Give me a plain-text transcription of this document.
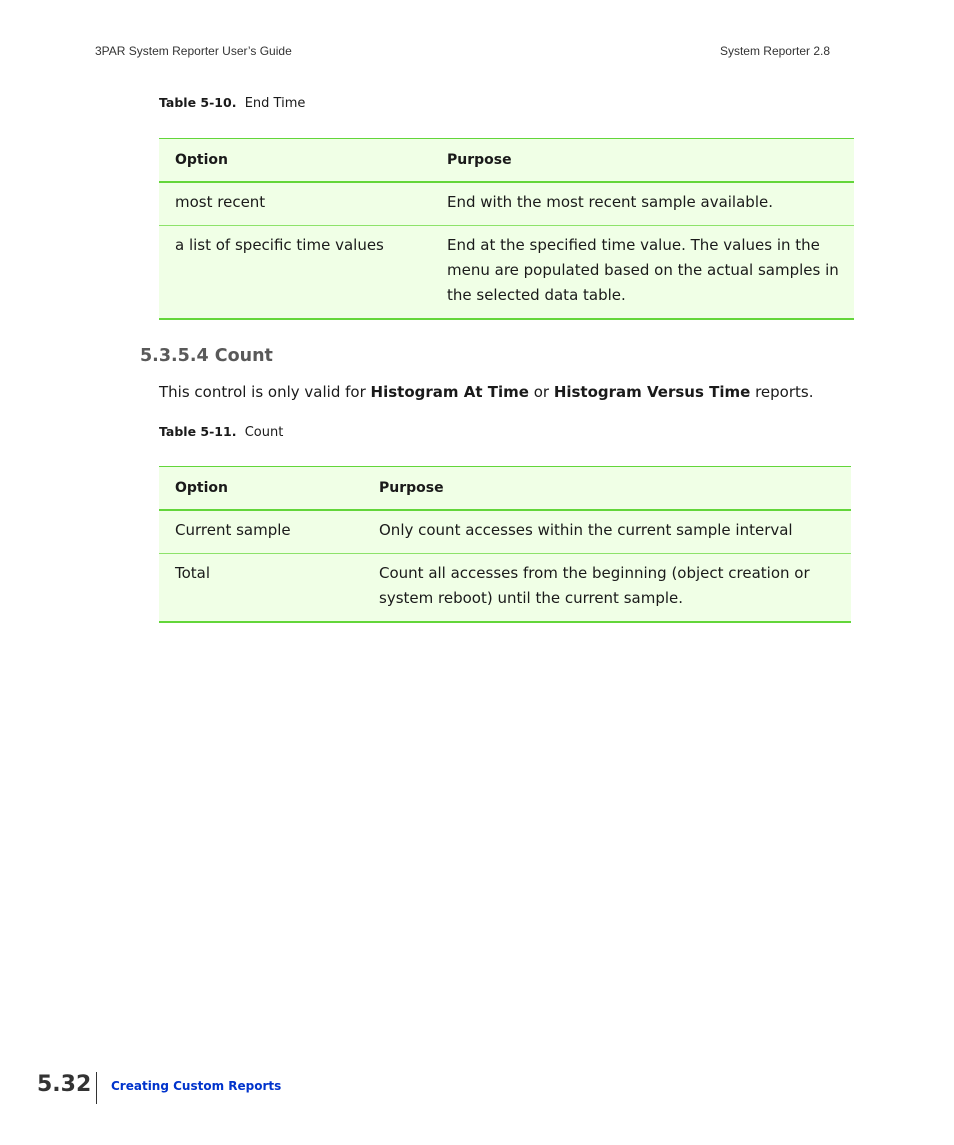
3PAR System Reporter User’s Guide	System Reporter 2.8
Table 5-10. End Time
Option	Purpose
most recent	End with the most recent sample available.
a list of specific time values	End at the specified time value. The values in the menu are populated based on the actual samples in the selected data table.
5.3.5.4 Count
This control is only valid for Histogram At Time or Histogram Versus Time reports.
Table 5-11. Count
Option	Purpose
Current sample	Only count accesses within the current sample interval
Total	Count all accesses from the beginning (object creation or system reboot) until the current sample.
5.32 Creating Custom Reports
